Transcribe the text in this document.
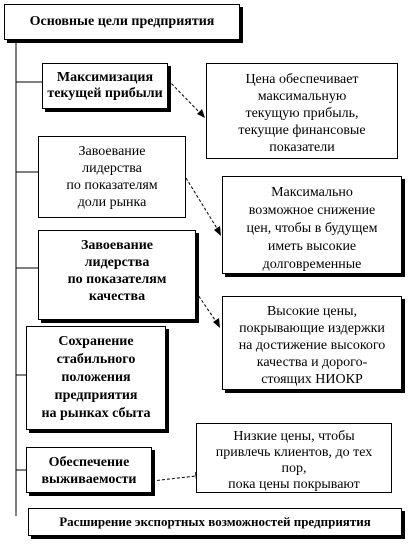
Основные цели предприятия
Максимизация
текущей прибыли
Завоевание
лидерства
по показателям
доли рынка
Завоевание
лидерства
по показателям
качества
Сохранение
стабильного
положения
предприятия
на рынках сбыта
Обеспечение
выживаемости
Цена обеспечивает
максимальную
текущую прибыль,
текущие финансовые
показатели
Максимально
возможное снижение
цен, чтобы в будущем
иметь высокие
долговременные
Высокие цены,
покрывающие издержки
на достижение высокого
качества и дорого-
стоящих НИОКР
Низкие цены, чтобы
привлечь клиентов, до тех
пор,
пока цены покрывают
Расширение экспортных возможностей предприятия
